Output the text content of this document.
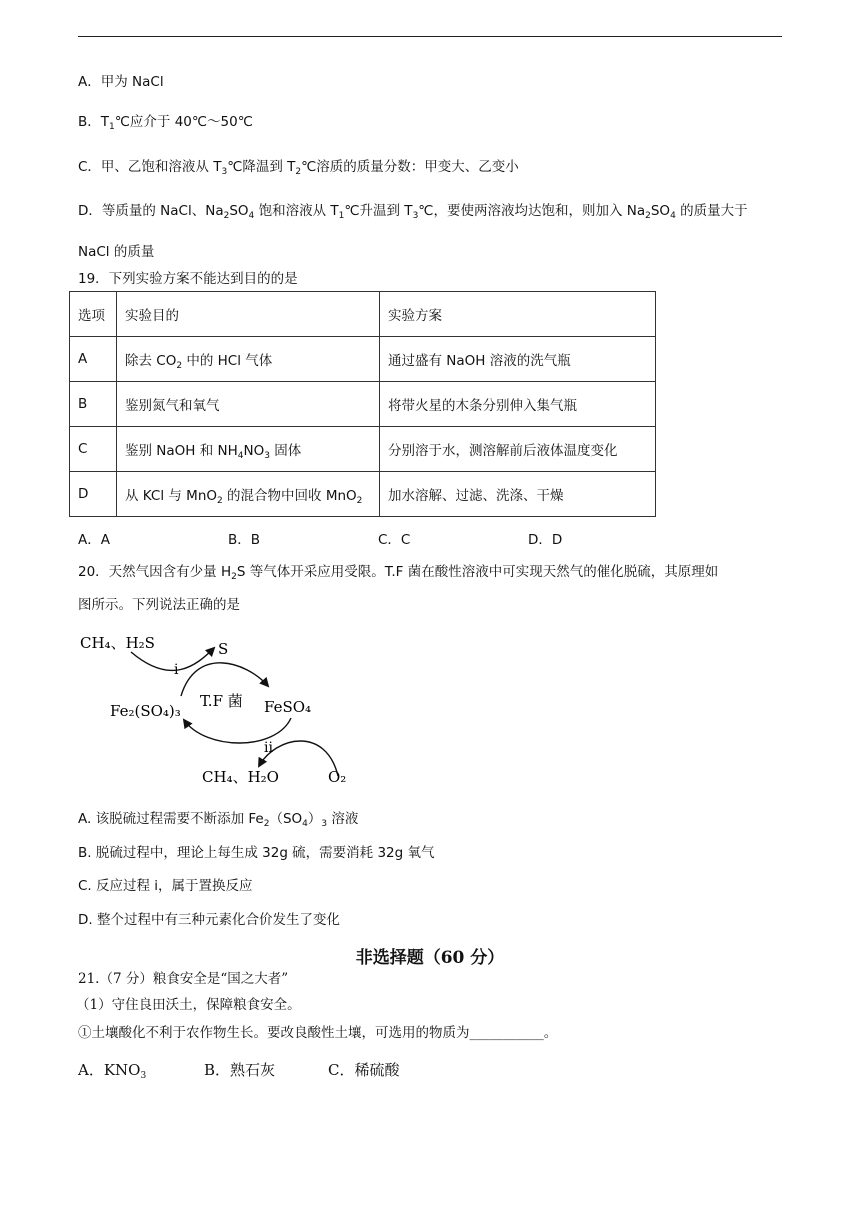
A．甲为 NaCl
B．$T_1℃$应介于 40℃～50℃
C．甲、乙饱和溶液从 $T_3℃$降温到 $T_2℃$溶质的质量分数：甲变大、乙变小
D．等质量的 NaCl、$Na_2SO_4$ 饱和溶液从 $T_1℃$升温到 $T_3℃$，要使两溶液均达饱和，则加入 $Na_2SO_4$ 的质量大于
NaCl 的质量
19．下列实验方案不能达到目的的是
选项	实验目的	实验方案
A	除去 $CO_2$ 中的 HCl 气体	通过盛有 NaOH 溶液的洗气瓶
B	鉴别氮气和氧气	将带火星的木条分别伸入集气瓶
C	鉴别 NaOH 和 $NH_4NO_3$ 固体	分别溶于水，测溶解前后液体温度变化
D	从 KCl 与 MnO$_2$ 的混合物中回收 MnO$_2$	加水溶解、过滤、洗涤、干燥
A．A	B．B	C．C	D．D
20．天然气因含有少量 $H_2S$ 等气体开采应用受限。T.F 菌在酸性溶液中可实现天然气的催化脱硫，其原理如
图所示。下列说法正确的是
CH₄、H₂S	S
i
T.F 菌
Fe₂(SO₄)₃	FeSO₄
ii
CH₄、H₂O	O₂
A. 该脱硫过程需要不断添加 $Fe_2(SO_4)_3$ 溶液
B. 脱硫过程中，理论上每生成 32g 硫，需要消耗 32g 氧气
C. 反应过程 i，属于置换反应
D. 整个过程中有三种元素化合价发生了变化
非选择题（60 分）
21.（7 分）粮食安全是“国之大者”
（1）守住良田沃土，保障粮食安全。
①土壤酸化不利于农作物生长。要改良酸性土壤，可选用的物质为___________。
A．$KNO_3$	B．熟石灰	C．稀硫酸
